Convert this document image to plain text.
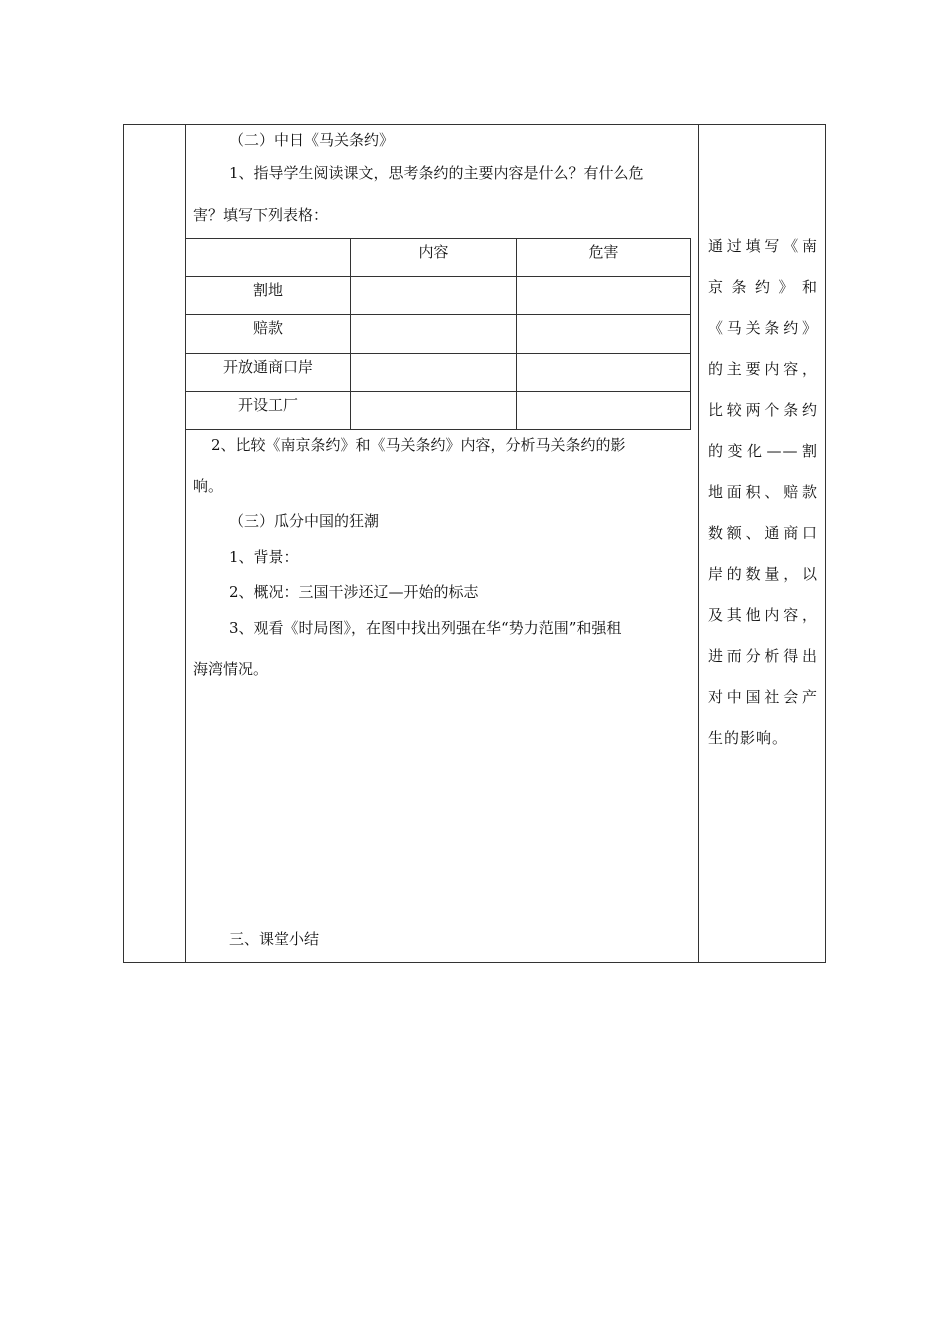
（二）中日《马关条约》
1、指导学生阅读课文，思考条约的主要内容是什么？有什么危
害？填写下列表格：
	内容	危害
割地		
赔款		
开放通商口岸		
开设工厂		
2、比较《南京条约》和《马关条约》内容，分析马关条约的影
响。
（三）瓜分中国的狂潮
1、背景：
2、概况：三国干涉还辽—开始的标志
3、观看《时局图》，在图中找出列强在华“势力范围”和强租
海湾情况。
三、课堂小结
通过填写《南京条约》和《马关条约》的主要内容，比较两个条约的变化——割地面积、赔款数额、通商口岸的数量，以及其他内容，进而分析得出对中国社会产生的影响。
